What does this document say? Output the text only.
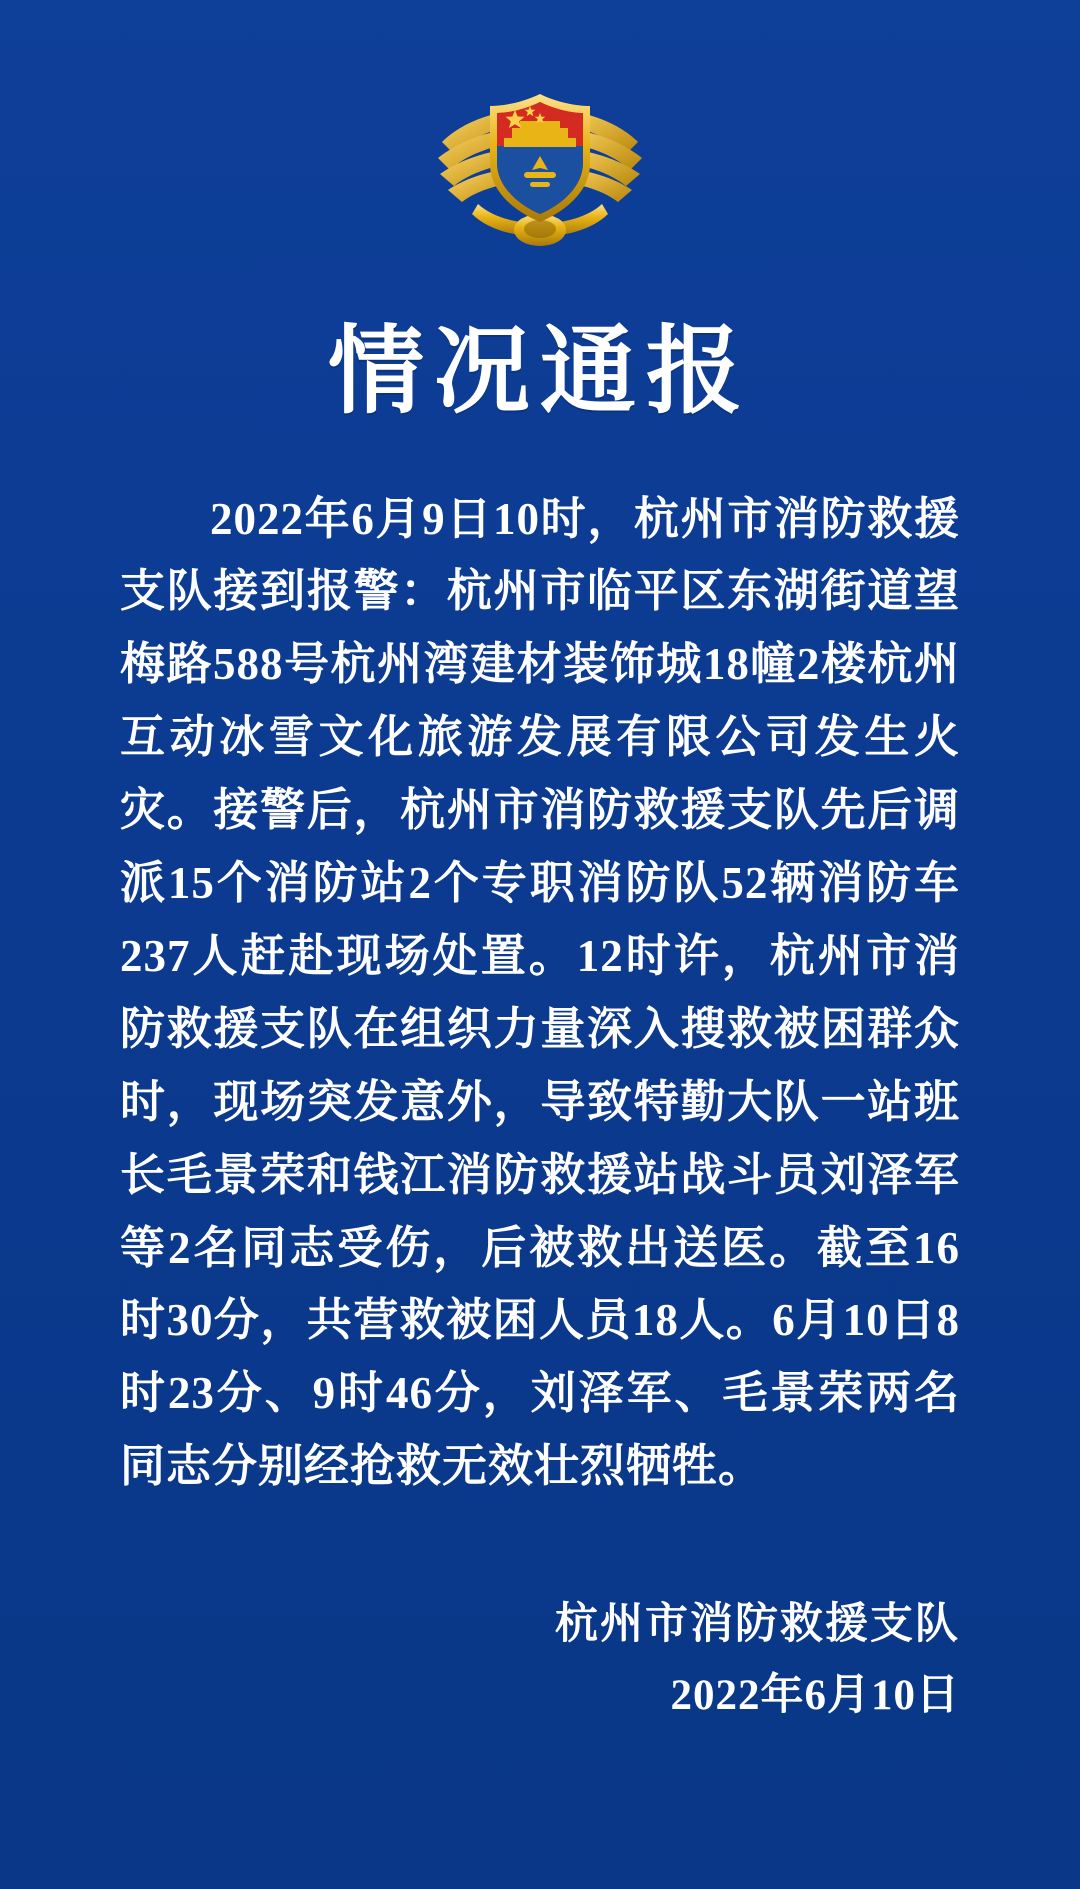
情况通报
2022年6月9日10时，杭州市消防救援支队接到报警：杭州市临平区东湖街道望梅路588号杭州湾建材装饰城18幢2楼杭州互动冰雪文化旅游发展有限公司发生火灾。接警后，杭州市消防救援支队先后调派15个消防站2个专职消防队52辆消防车237人赶赴现场处置。12时许，杭州市消防救援支队在组织力量深入搜救被困群众时，现场突发意外，导致特勤大队一站班长毛景荣和钱江消防救援站战斗员刘泽军等2名同志受伤，后被救出送医。截至16时30分，共营救被困人员18人。6月10日8时23分、9时46分，刘泽军、毛景荣两名同志分别经抢救无效壮烈牺牲。
杭州市消防救援支队
2022年6月10日
